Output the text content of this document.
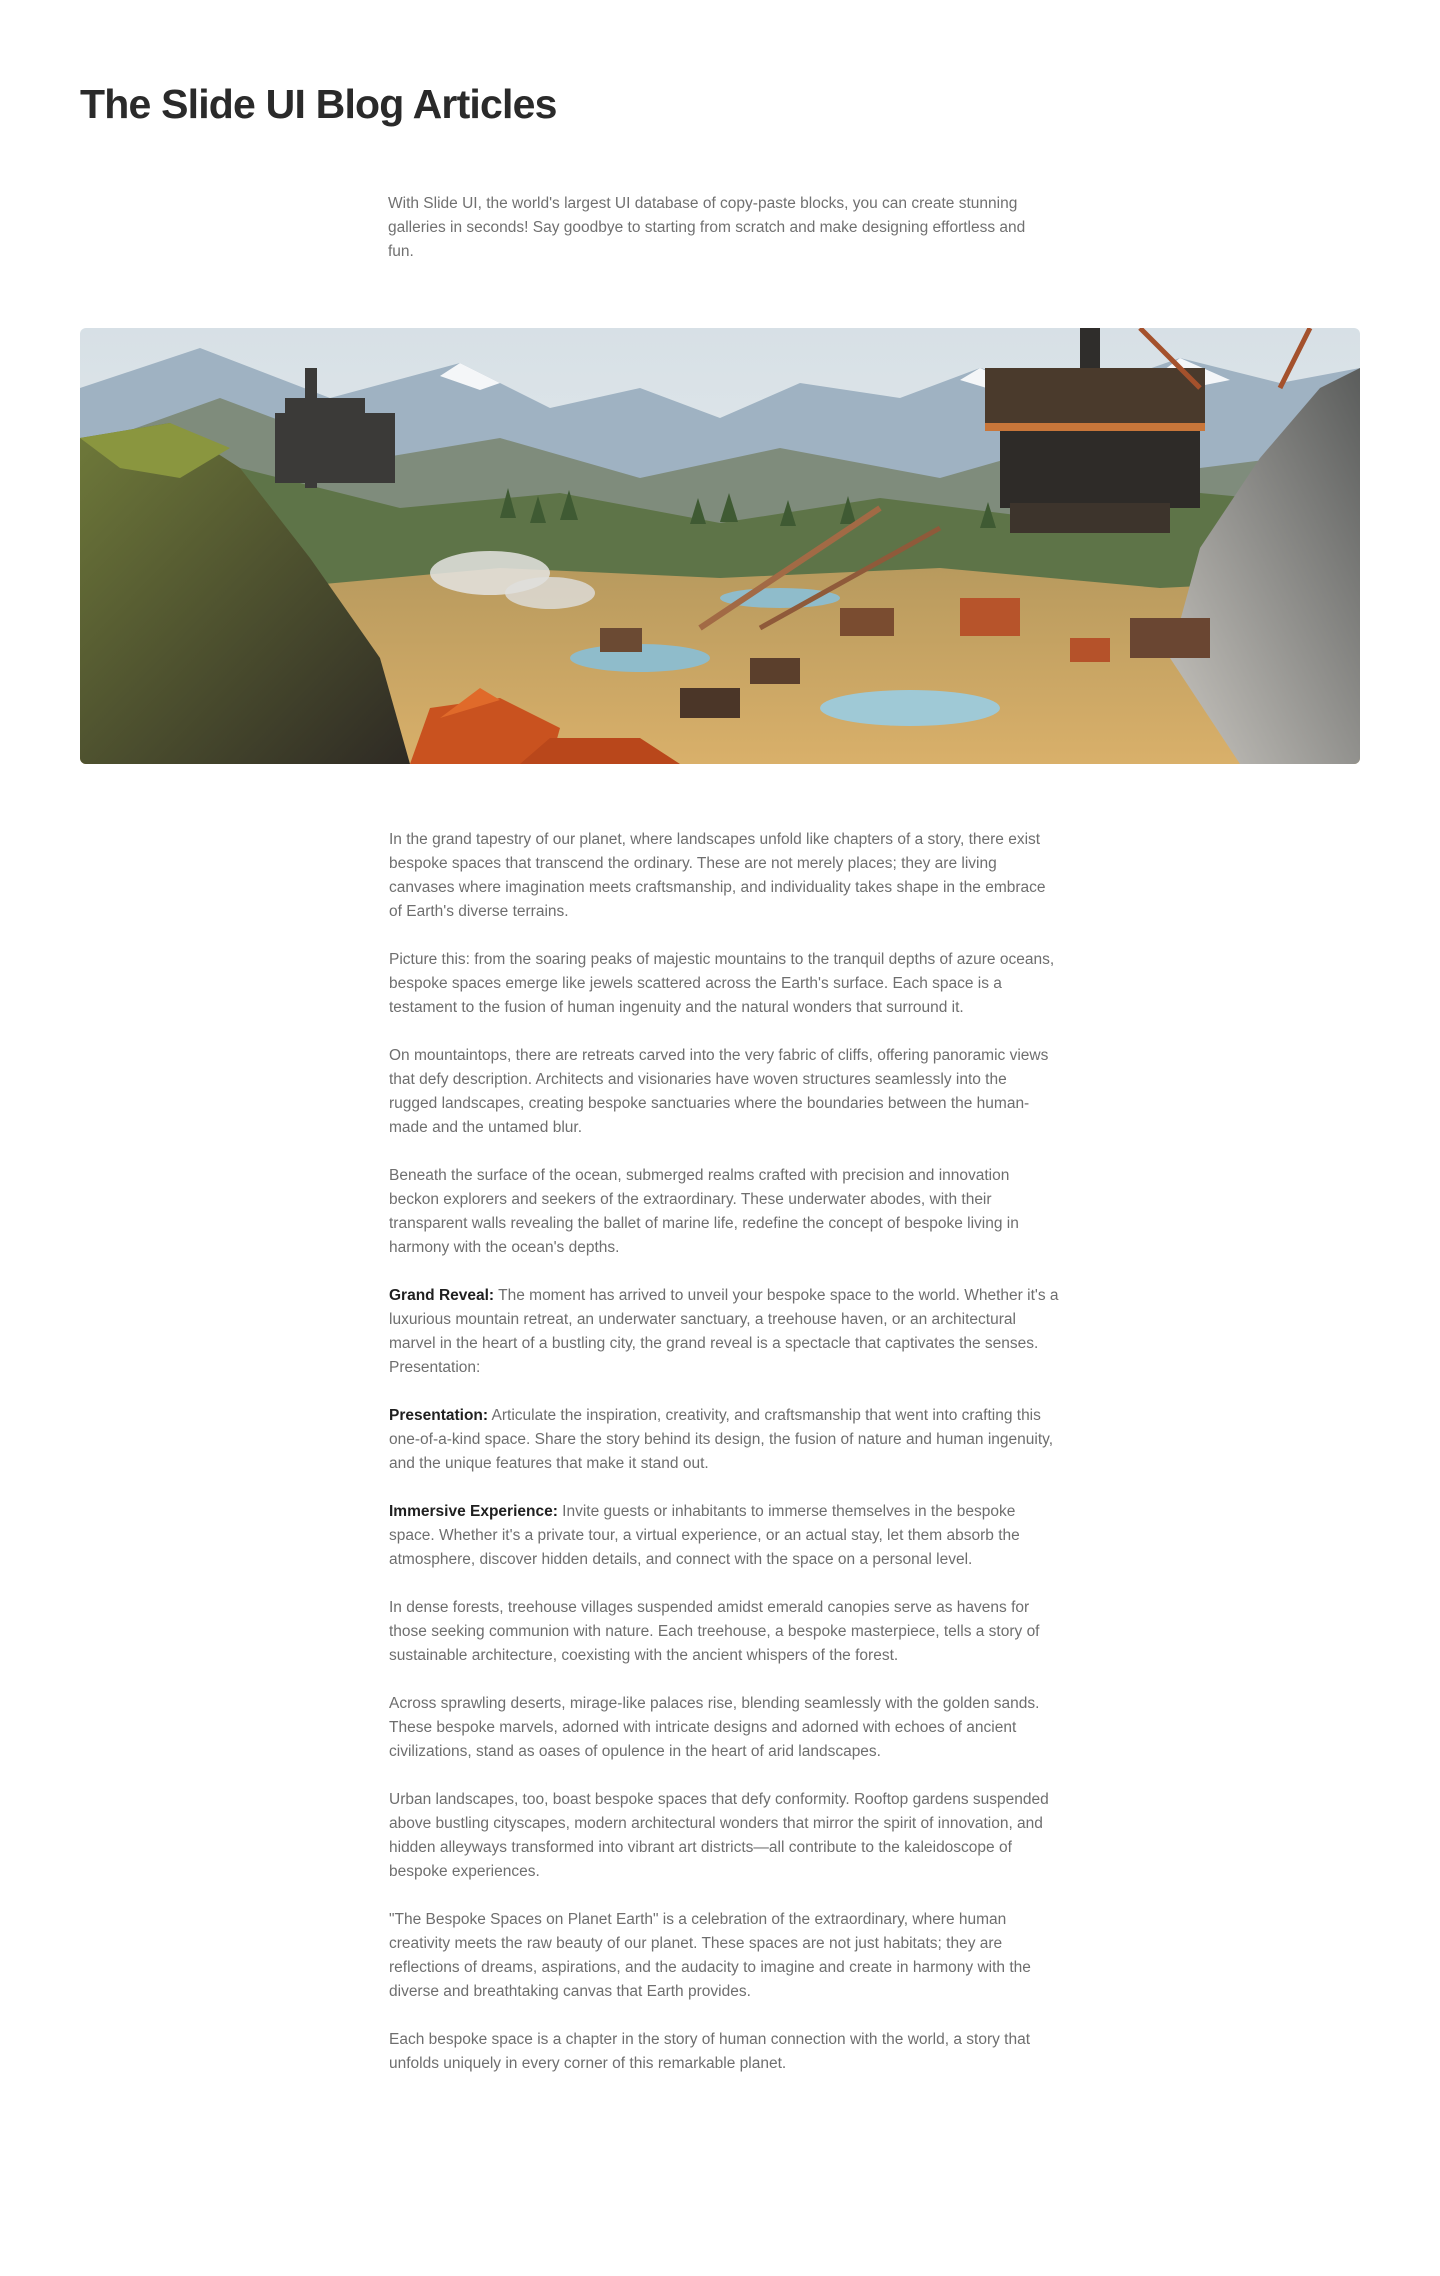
The Slide UI Blog Articles

With Slide UI, the world's largest UI database of copy-paste blocks, you can create stunning galleries in seconds! Say goodbye to starting from scratch and make designing effortless and fun.

In the grand tapestry of our planet, where landscapes unfold like chapters of a story, there exist bespoke spaces that transcend the ordinary. These are not merely places; they are living canvases where imagination meets craftsmanship, and individuality takes shape in the embrace of Earth's diverse terrains.

Picture this: from the soaring peaks of majestic mountains to the tranquil depths of azure oceans, bespoke spaces emerge like jewels scattered across the Earth's surface. Each space is a testament to the fusion of human ingenuity and the natural wonders that surround it.

On mountaintops, there are retreats carved into the very fabric of cliffs, offering panoramic views that defy description. Architects and visionaries have woven structures seamlessly into the rugged landscapes, creating bespoke sanctuaries where the boundaries between the human-made and the untamed blur.

Beneath the surface of the ocean, submerged realms crafted with precision and innovation beckon explorers and seekers of the extraordinary. These underwater abodes, with their transparent walls revealing the ballet of marine life, redefine the concept of bespoke living in harmony with the ocean's depths.

Grand Reveal: The moment has arrived to unveil your bespoke space to the world. Whether it's a luxurious mountain retreat, an underwater sanctuary, a treehouse haven, or an architectural marvel in the heart of a bustling city, the grand reveal is a spectacle that captivates the senses.
Presentation:

Presentation: Articulate the inspiration, creativity, and craftsmanship that went into crafting this one-of-a-kind space. Share the story behind its design, the fusion of nature and human ingenuity, and the unique features that make it stand out.

Immersive Experience: Invite guests or inhabitants to immerse themselves in the bespoke space. Whether it's a private tour, a virtual experience, or an actual stay, let them absorb the atmosphere, discover hidden details, and connect with the space on a personal level.

In dense forests, treehouse villages suspended amidst emerald canopies serve as havens for those seeking communion with nature. Each treehouse, a bespoke masterpiece, tells a story of sustainable architecture, coexisting with the ancient whispers of the forest.

Across sprawling deserts, mirage-like palaces rise, blending seamlessly with the golden sands. These bespoke marvels, adorned with intricate designs and adorned with echoes of ancient civilizations, stand as oases of opulence in the heart of arid landscapes.

Urban landscapes, too, boast bespoke spaces that defy conformity. Rooftop gardens suspended above bustling cityscapes, modern architectural wonders that mirror the spirit of innovation, and hidden alleyways transformed into vibrant art districts—all contribute to the kaleidoscope of bespoke experiences.

"The Bespoke Spaces on Planet Earth" is a celebration of the extraordinary, where human creativity meets the raw beauty of our planet. These spaces are not just habitats; they are reflections of dreams, aspirations, and the audacity to imagine and create in harmony with the diverse and breathtaking canvas that Earth provides.

Each bespoke space is a chapter in the story of human connection with the world, a story that unfolds uniquely in every corner of this remarkable planet.
